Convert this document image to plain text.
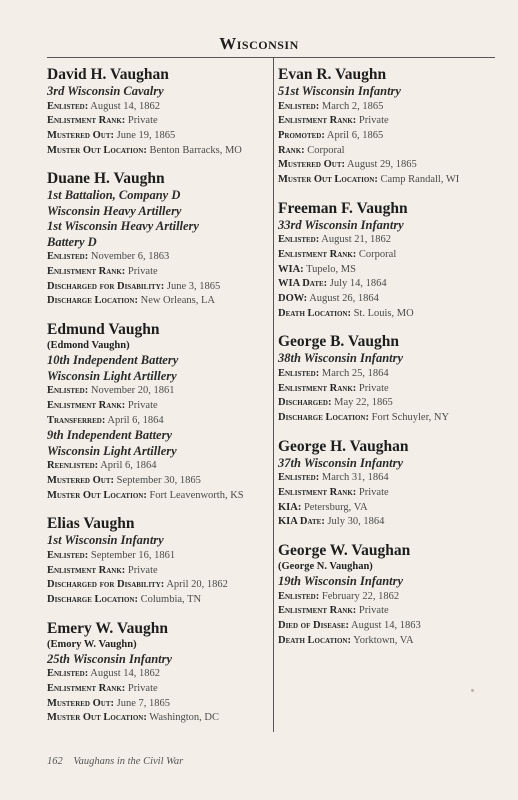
Wisconsin
David H. Vaughan
3rd Wisconsin Cavalry
Enlisted: August 14, 1862
Enlistment Rank: Private
Mustered Out: June 19, 1865
Muster Out Location: Benton Barracks, MO
Duane H. Vaughn
1st Battalion, Company D
Wisconsin Heavy Artillery
1st Wisconsin Heavy Artillery
Battery D
Enlisted: November 6, 1863
Enlistment Rank: Private
Discharged for Disability: June 3, 1865
Discharge Location: New Orleans, LA
Edmund Vaughn
(Edmond Vaughn)
10th Independent Battery
Wisconsin Light Artillery
Enlisted: November 20, 1861
Enlistment Rank: Private
Transferred: April 6, 1864
9th Independent Battery
Wisconsin Light Artillery
Reenlisted: April 6, 1864
Mustered Out: September 30, 1865
Muster Out Location: Fort Leavenworth, KS
Elias Vaughn
1st Wisconsin Infantry
Enlisted: September 16, 1861
Enlistment Rank: Private
Discharged for Disability: April 20, 1862
Discharge Location: Columbia, TN
Emery W. Vaughn
(Emory W. Vaughn)
25th Wisconsin Infantry
Enlisted: August 14, 1862
Enlistment Rank: Private
Mustered Out: June 7, 1865
Muster Out Location: Washington, DC
Evan R. Vaughn
51st Wisconsin Infantry
Enlisted: March 2, 1865
Enlistment Rank: Private
Promoted: April 6, 1865
Rank: Corporal
Mustered Out: August 29, 1865
Muster Out Location: Camp Randall, WI
Freeman F. Vaughn
33rd Wisconsin Infantry
Enlisted: August 21, 1862
Enlistment Rank: Corporal
WIA: Tupelo, MS
WIA Date: July 14, 1864
DOW: August 26, 1864
Death Location: St. Louis, MO
George B. Vaughn
38th Wisconsin Infantry
Enlisted: March 25, 1864
Enlistment Rank: Private
Discharged: May 22, 1865
Discharge Location: Fort Schuyler, NY
George H. Vaughan
37th Wisconsin Infantry
Enlisted: March 31, 1864
Enlistment Rank: Private
KIA: Petersburg, VA
KIA Date: July 30, 1864
George W. Vaughan
(George N. Vaughan)
19th Wisconsin Infantry
Enlisted: February 22, 1862
Enlistment Rank: Private
Died of Disease: August 14, 1863
Death Location: Yorktown, VA
162 Vaughans in the Civil War
